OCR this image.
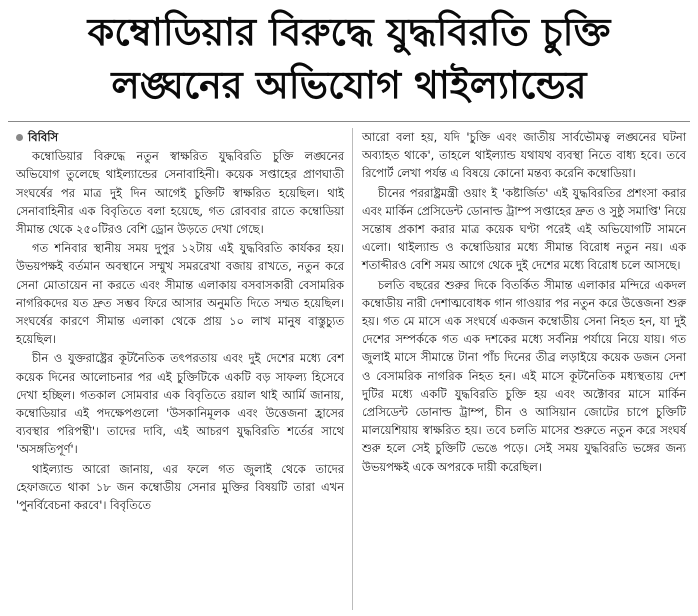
কম্বোডিয়ার বিরুদ্ধে যুদ্ধবিরতি চুক্তি
লঙ্ঘনের অভিযোগ থাইল্যান্ডের
বিবিসি

কম্বোডিয়ার বিরুদ্ধে নতুন স্বাক্ষরিত যুদ্ধবিরতি চুক্তি লঙ্ঘনের অভিযোগ তুলেছে থাইল্যান্ডের সেনাবাহিনী। কয়েক সপ্তাহের প্রাণঘাতী সংঘর্ষের পর মাত্র দুই দিন আগেই চুক্তিটি স্বাক্ষরিত হয়েছিল। থাই সেনাবাহিনীর এক বিবৃতিতে বলা হয়েছে, গত রোববার রাতে কম্বোডিয়া সীমান্ত থেকে ২৫০টিরও বেশি ড্রোন উড়তে দেখা গেছে।

গত শনিবার স্থানীয় সময় দুপুর ১২টায় এই যুদ্ধবিরতি কার্যকর হয়। উভয়পক্ষই বর্তমান অবস্থানে সম্মুখ সমররেখা বজায় রাখতে, নতুন করে সেনা মোতায়েন না করতে এবং সীমান্ত এলাকায় বসবাসকারী বেসামরিক নাগরিকদের যত দ্রুত সম্ভব ফিরে আসার অনুমতি দিতে সম্মত হয়েছিল। সংঘর্ষের কারণে সীমান্ত এলাকা থেকে প্রায় ১০ লাখ মানুষ বাস্তুচ্যুত হয়েছিল।

চীন ও যুক্তরাষ্ট্রের কূটনৈতিক তৎপরতায় এবং দুই দেশের মধ্যে বেশ কয়েক দিনের আলোচনার পর এই চুক্তিটিকে একটি বড় সাফল্য হিসেবে দেখা হচ্ছিল। গতকাল সোমবার এক বিবৃতিতে রয়াল থাই আর্মি জানায়, কম্বোডিয়ার এই পদক্ষেপগুলো 'উসকানিমূলক এবং উত্তেজনা হ্রাসের ব্যবস্থার পরিপন্থী'। তাদের দাবি, এই আচরণ যুদ্ধবিরতি শর্তের সাথে 'অসঙ্গতিপূর্ণ'।

থাইল্যান্ড আরো জানায়, এর ফলে গত জুলাই থেকে তাদের হেফাজতে থাকা ১৮ জন কম্বোডীয় সেনার মুক্তির বিষয়টি তারা এখন 'পুনর্বিবেচনা করবে'। বিবৃতিতে

আরো বলা হয়, যদি 'চুক্তি এবং জাতীয় সার্বভৌমত্ব লঙ্ঘনের ঘটনা অব্যাহত থাকে', তাহলে থাইল্যান্ড যথাযথ ব্যবস্থা নিতে বাধ্য হবে। তবে রিপোর্ট লেখা পর্যন্ত এ বিষয়ে কোনো মন্তব্য করেনি কম্বোডিয়া।

চীনের পররাষ্ট্রমন্ত্রী ওয়াং ই 'কষ্টার্জিত' এই যুদ্ধবিরতির প্রশংসা করার এবং মার্কিন প্রেসিডেন্ট ডোনাল্ড ট্রাম্প সপ্তাহের দ্রুত ও সুষ্ঠু সমাপ্তি' নিয়ে সন্তোষ প্রকাশ করার মাত্র কয়েক ঘণ্টা পরেই এই অভিযোগটি সামনে এলো। থাইল্যান্ড ও কম্বোডিয়ার মধ্যে সীমান্ত বিরোধ নতুন নয়। এক শতাব্দীরও বেশি সময় আগে থেকে দুই দেশের মধ্যে বিরোধ চলে আসছে।

চলতি বছরের শুরুর দিকে বিতর্কিত সীমান্ত এলাকার মন্দিরে একদল কম্বোডীয় নারী দেশাত্মবোধক গান গাওয়ার পর নতুন করে উত্তেজনা শুরু হয়। গত মে মাসে এক সংঘর্ষে একজন কম্বোডীয় সেনা নিহত হন, যা দুই দেশের সম্পর্ককে গত এক দশকের মধ্যে সর্বনিম্ন পর্যায়ে নিয়ে যায়। গত জুলাই মাসে সীমান্তে টানা পাঁচ দিনের তীব্র লড়াইয়ে কয়েক ডজন সেনা ও বেসামরিক নাগরিক নিহত হন। এই মাসে কূটনৈতিক মধ্যস্থতায় দেশ দুটির মধ্যে একটি যুদ্ধবিরতি চুক্তি হয় এবং অক্টোবর মাসে মার্কিন প্রেসিডেন্ট ডোনাল্ড ট্রাম্প, চীন ও আসিয়ান জোটের চাপে চুক্তিটি মালয়েশিয়ায় স্বাক্ষরিত হয়। তবে চলতি মাসের শুরুতে নতুন করে সংঘর্ষ শুরু হলে সেই চুক্তিটি ভেঙে পড়ে। সেই সময় যুদ্ধবিরতি ভঙ্গের জন্য উভয়পক্ষই একে অপরকে দায়ী করেছিল।
